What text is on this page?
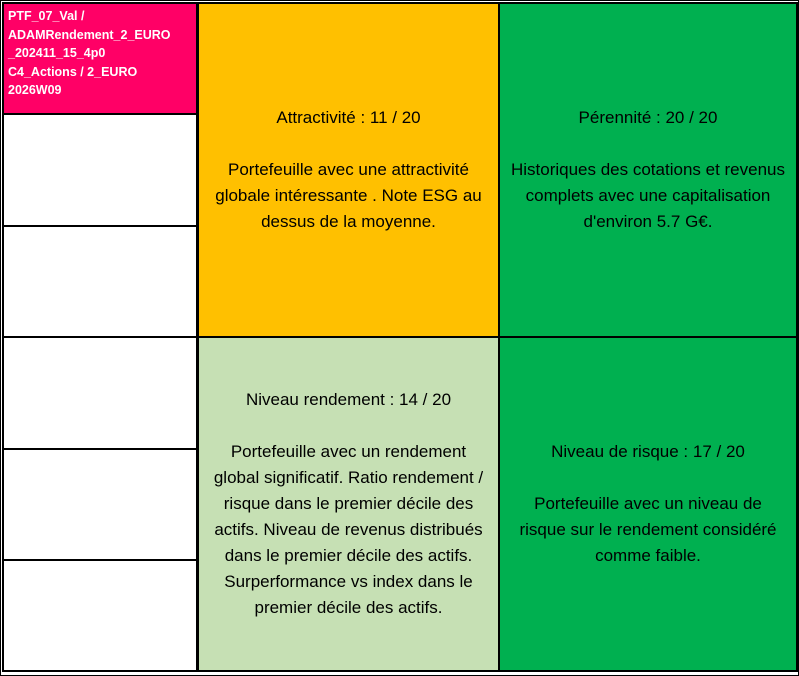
PTF_07_Val /
ADAMRendement_2_EURO
_202411_15_4p0
C4_Actions / 2_EURO
2026W09

Attractivité : 11 / 20

Portefeuille avec une attractivité globale intéressante . Note ESG au dessus de la moyenne.

Pérennité : 20 / 20

Historiques des cotations et revenus complets avec une capitalisation d'environ 5.7 G€.

Niveau rendement : 14 / 20

Portefeuille avec un rendement global significatif. Ratio rendement / risque dans le premier décile des actifs. Niveau de revenus distribués dans le premier décile des actifs. Surperformance vs index dans le premier décile des actifs.

Niveau de risque : 17 / 20

Portefeuille avec un niveau de risque sur le rendement considéré comme faible.
